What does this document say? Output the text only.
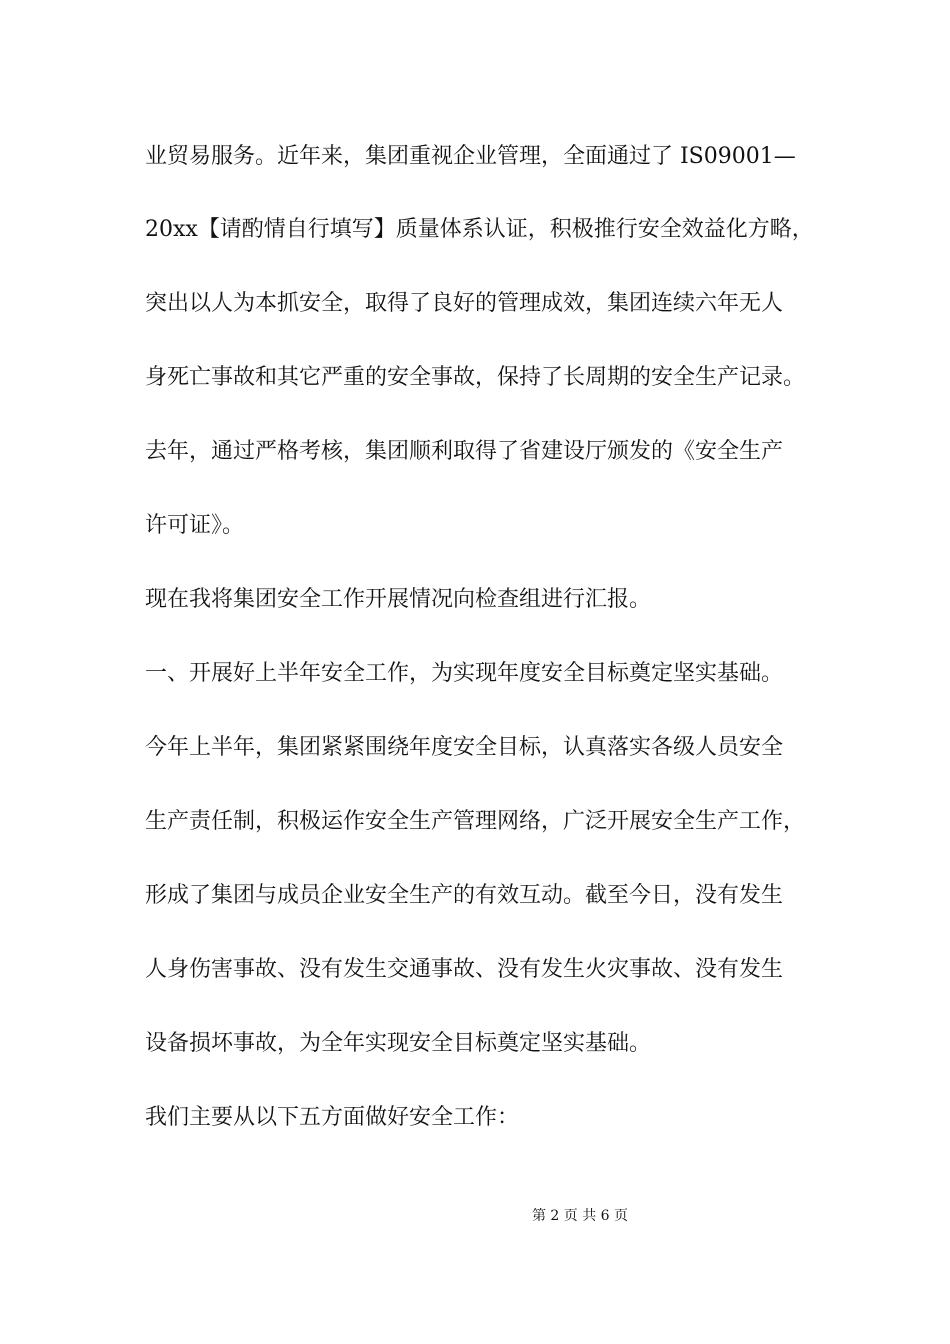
业贸易服务。近年来，集团重视企业管理，全面通过了 IS09001—
20xx【请酌情自行填写】质量体系认证，积极推行安全效益化方略，
突出以人为本抓安全，取得了良好的管理成效，集团连续六年无人
身死亡事故和其它严重的安全事故，保持了长周期的安全生产记录。
去年，通过严格考核，集团顺利取得了省建设厅颁发的《安全生产
许可证》。
现在我将集团安全工作开展情况向检查组进行汇报。
一、开展好上半年安全工作，为实现年度安全目标奠定坚实基础。
今年上半年，集团紧紧围绕年度安全目标，认真落实各级人员安全
生产责任制，积极运作安全生产管理网络，广泛开展安全生产工作，
形成了集团与成员企业安全生产的有效互动。截至今日，没有发生
人身伤害事故、没有发生交通事故、没有发生火灾事故、没有发生
设备损坏事故，为全年实现安全目标奠定坚实基础。
我们主要从以下五方面做好安全工作：
第 2 页 共 6 页
